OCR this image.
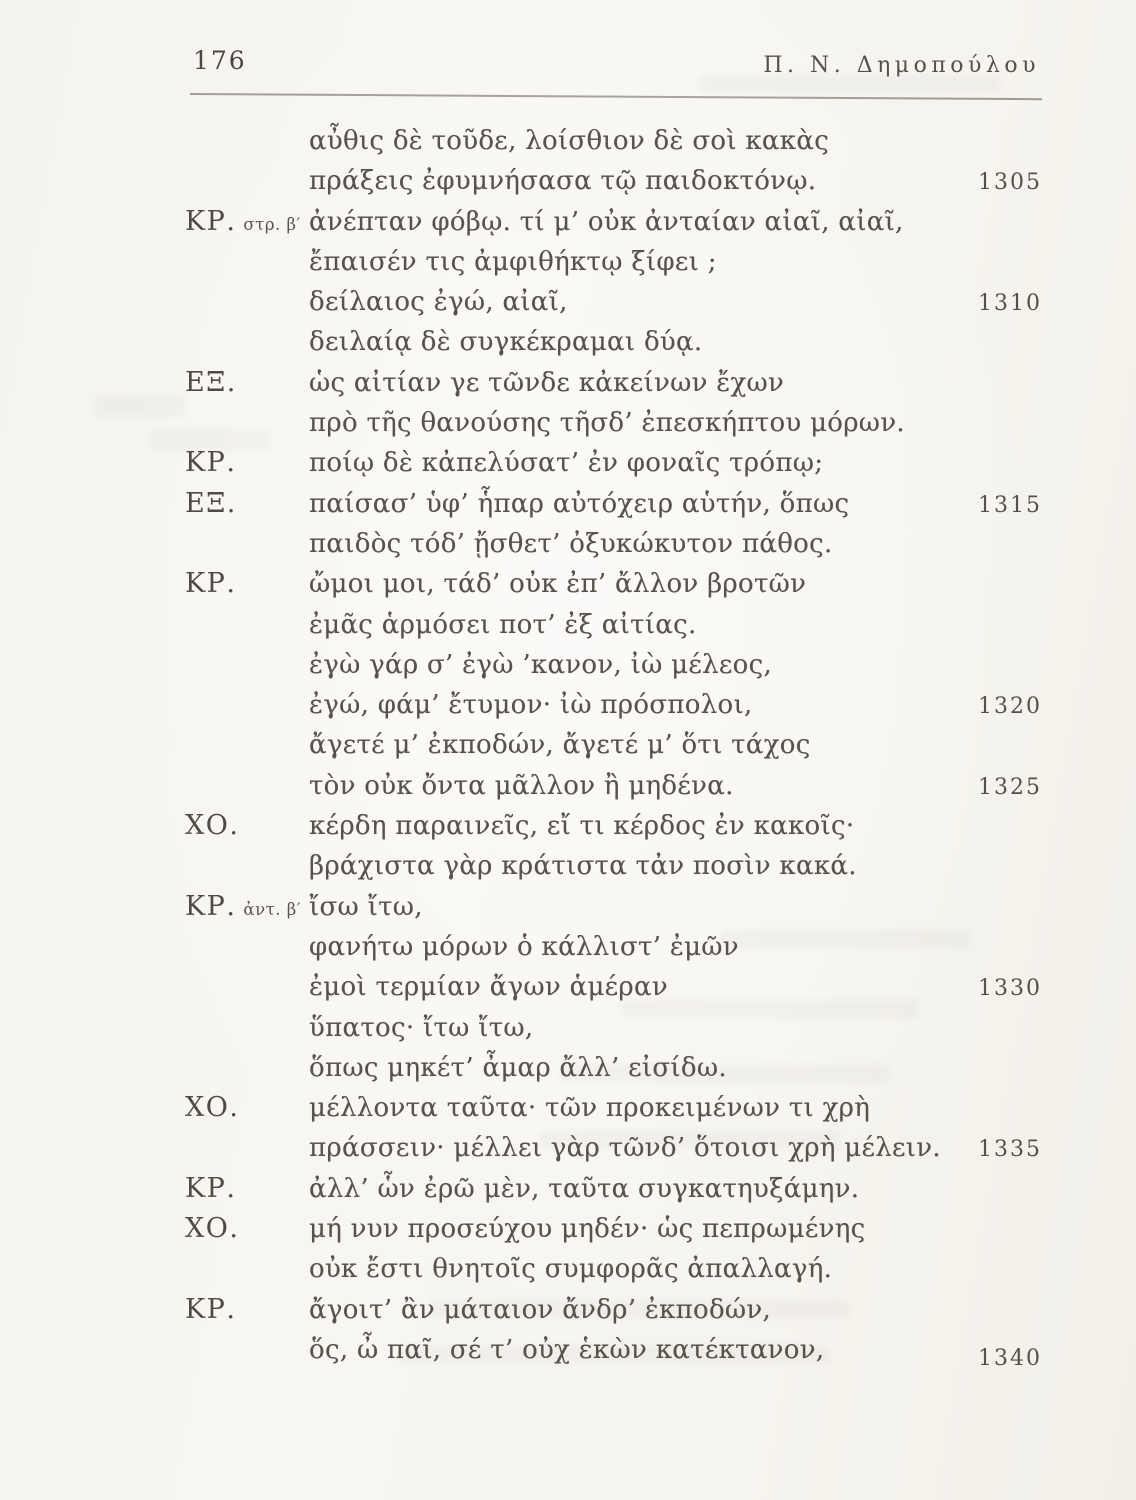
176	Π. Ν. Δημοπούλου
αὖθις δὲ τοῦδε, λοίσθιον δὲ σοὶ κακὰς
πράξεις ἐφυμνήσασα τῷ παιδοκτόνῳ.	1305
ΚΡ. στρ. β′ ἀνέπταν φόβῳ. τί μ’ οὐκ ἀνταίαν αἰαῖ, αἰαῖ,
ἔπαισέν τις ἀμφιθήκτῳ ξίφει ;
δείλαιος ἐγώ, αἰαῖ,	1310
δειλαίᾳ δὲ συγκέκραμαι δύᾳ.
ΕΞ.	ὡς αἰτίαν γε τῶνδε κἀκείνων ἔχων
πρὸ τῆς θανούσης τῆσδ’ ἐπεσκήπτου μόρων.
ΚΡ.	ποίῳ δὲ κἀπελύσατ’ ἐν φοναῖς τρόπῳ;
ΕΞ.	παίσασ’ ὑφ’ ἧπαρ αὐτόχειρ αὑτήν, ὅπως	1315
παιδὸς τόδ’ ᾔσθετ’ ὀξυκώκυτον πάθος.
ΚΡ.	ὤμοι μοι, τάδ’ οὐκ ἐπ’ ἄλλον βροτῶν
ἐμᾶς ἁρμόσει ποτ’ ἐξ αἰτίας.
ἐγὼ γάρ σ’ ἐγὼ ’κανον, ἰὼ μέλεος,
ἐγώ, φάμ’ ἔτυμον· ἰὼ πρόσπολοι,	1320
ἄγετέ μ’ ἐκποδών, ἄγετέ μ’ ὅτι τάχος
τὸν οὐκ ὄντα μᾶλλον ἢ μηδένα.	1325
ΧΟ.	κέρδη παραινεῖς, εἴ τι κέρδος ἐν κακοῖς·
βράχιστα γὰρ κράτιστα τἀν ποσὶν κακά.
ΚΡ. ἀντ. β′ ἴσω ἴτω,
φανήτω μόρων ὁ κάλλιστ’ ἐμῶν
ἐμοὶ τερμίαν ἄγων ἁμέραν	1330
ὕπατος· ἴτω ἴτω,
ὅπως μηκέτ’ ἆμαρ ἄλλ’ εἰσίδω.
ΧΟ.	μέλλοντα ταῦτα· τῶν προκειμένων τι χρὴ
πράσσειν· μέλλει γὰρ τῶνδ’ ὅτοισι χρὴ μέλειν.	1335
ΚΡ.	ἀλλ’ ὧν ἐρῶ μὲν, ταῦτα συγκατηυξάμην.
ΧΟ.	μή νυν προσεύχου μηδέν· ὡς πεπρωμένης
οὐκ ἔστι θνητοῖς συμφορᾶς ἀπαλλαγή.
ΚΡ.	ἄγοιτ’ ἂν μάταιον ἄνδρ’ ἐκποδών,
ὅς, ὦ παῖ, σέ τ’ οὐχ ἑκὼν κατέκτανον,	1340
